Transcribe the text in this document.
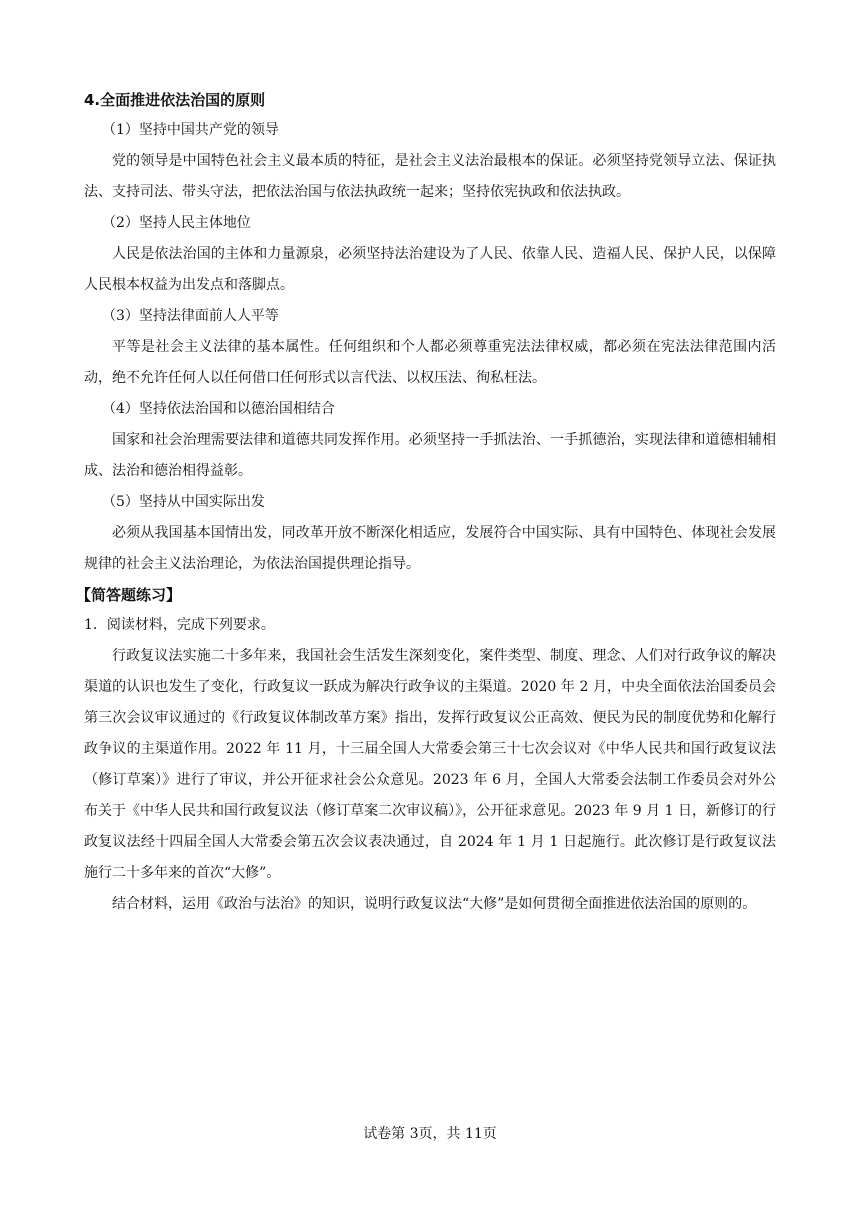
4.全面推进依法治国的原则
（1）坚持中国共产党的领导

党的领导是中国特色社会主义最本质的特征，是社会主义法治最根本的保证。必须坚持党领导立法、保证执法、支持司法、带头守法，把依法治国与依法执政统一起来；坚持依宪执政和依法执政。

（2）坚持人民主体地位

人民是依法治国的主体和力量源泉，必须坚持法治建设为了人民、依靠人民、造福人民、保护人民，以保障人民根本权益为出发点和落脚点。

（3）坚持法律面前人人平等

平等是社会主义法律的基本属性。任何组织和个人都必须尊重宪法法律权威，都必须在宪法法律范围内活动，绝不允许任何人以任何借口任何形式以言代法、以权压法、徇私枉法。

（4）坚持依法治国和以德治国相结合

国家和社会治理需要法律和道德共同发挥作用。必须坚持一手抓法治、一手抓德治，实现法律和道德相辅相成、法治和德治相得益彰。

（5）坚持从中国实际出发

必须从我国基本国情出发，同改革开放不断深化相适应，发展符合中国实际、具有中国特色、体现社会发展规律的社会主义法治理论，为依法治国提供理论指导。

【简答题练习】
1．阅读材料，完成下列要求。

行政复议法实施二十多年来，我国社会生活发生深刻变化，案件类型、制度、理念、人们对行政争议的解决渠道的认识也发生了变化，行政复议一跃成为解决行政争议的主渠道。2020 年 2 月，中央全面依法治国委员会第三次会议审议通过的《行政复议体制改革方案》指出，发挥行政复议公正高效、便民为民的制度优势和化解行政争议的主渠道作用。2022 年 11 月，十三届全国人大常委会第三十七次会议对《中华人民共和国行政复议法（修订草案）》进行了审议，并公开征求社会公众意见。2023 年 6 月，全国人大常委会法制工作委员会对外公布关于《中华人民共和国行政复议法（修订草案二次审议稿）》，公开征求意见。2023 年 9 月 1 日，新修订的行政复议法经十四届全国人大常委会第五次会议表决通过，自 2024 年 1 月 1 日起施行。此次修订是行政复议法施行二十多年来的首次“大修”。

结合材料，运用《政治与法治》的知识，说明行政复议法“大修”是如何贯彻全面推进依法治国的原则的。

试卷第 3页，共 11页
